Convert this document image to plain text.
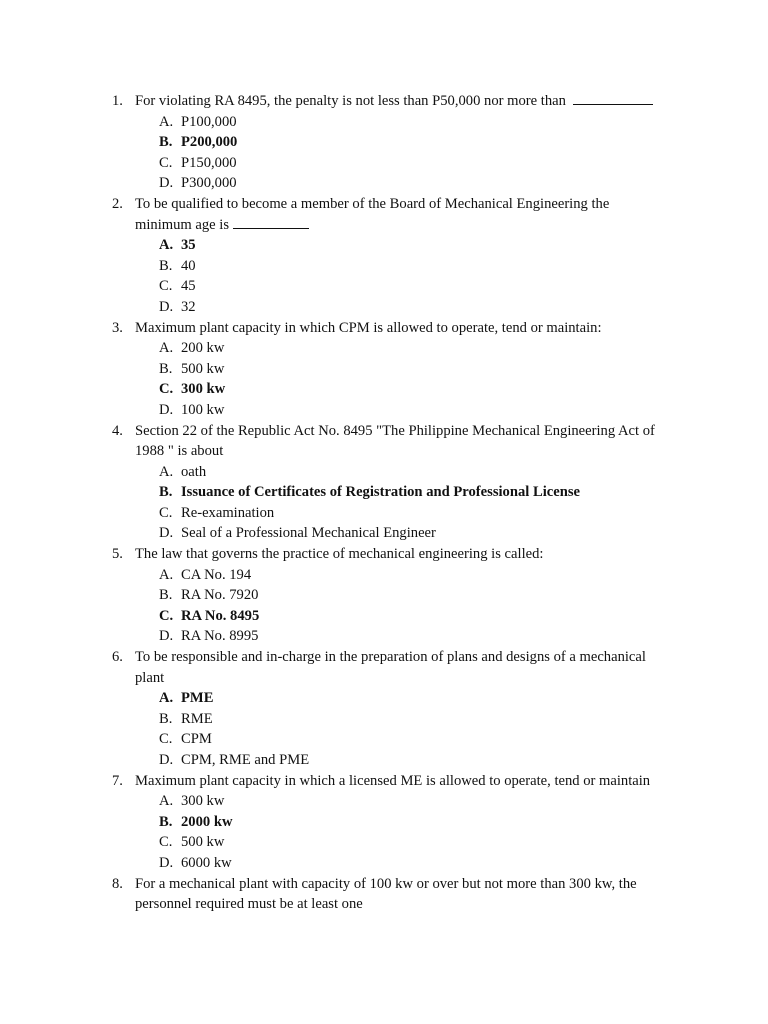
1. For violating RA 8495, the penalty is not less than P50,000 nor more than
A. P100,000
B. P200,000
C. P150,000
D. P300,000
2. To be qualified to become a member of the Board of Mechanical Engineering the
minimum age is
A. 35
B. 40
C. 45
D. 32
3. Maximum plant capacity in which CPM is allowed to operate, tend or maintain:
A. 200 kw
B. 500 kw
C. 300 kw
D. 100 kw
4. Section 22 of the Republic Act No. 8495 "The Philippine Mechanical Engineering Act of
1988 " is about
A. oath
B. Issuance of Certificates of Registration and Professional License
C. Re-examination
D. Seal of a Professional Mechanical Engineer
5. The law that governs the practice of mechanical engineering is called:
A. CA No. 194
B. RA No. 7920
C. RA No. 8495
D. RA No. 8995
6. To be responsible and in-charge in the preparation of plans and designs of a mechanical
plant
A. PME
B. RME
C. CPM
D. CPM, RME and PME
7. Maximum plant capacity in which a licensed ME is allowed to operate, tend or maintain
A. 300 kw
B. 2000 kw
C. 500 kw
D. 6000 kw
8. For a mechanical plant with capacity of 100 kw or over but not more than 300 kw, the
personnel required must be at least one
